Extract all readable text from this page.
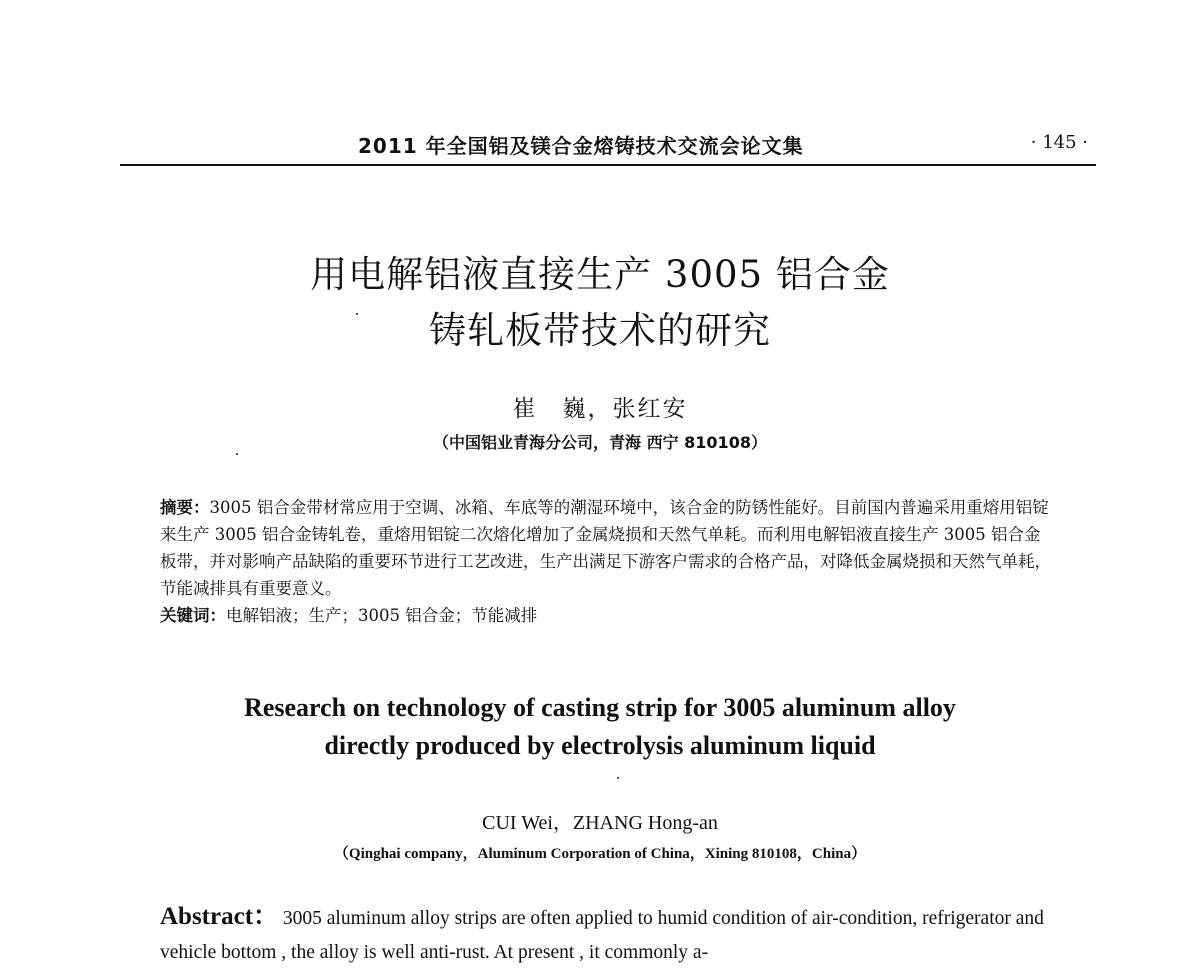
2011 年全国铝及镁合金熔铸技术交流会论文集	· 145 ·
用电解铝液直接生产 3005 铝合金
铸轧板带技术的研究
崔　巍，张红安
（中国铝业青海分公司，青海 西宁 810108）

摘要：3005 铝合金带材常应用于空调、冰箱、车底等的潮湿环境中，该合金的防锈性能好。目前国内普遍采用重熔用铝锭来生产 3005 铝合金铸轧卷，重熔用铝锭二次熔化增加了金属烧损和天然气单耗。而利用电解铝液直接生产 3005 铝合金板带，并对影响产品缺陷的重要环节进行工艺改进，生产出满足下游客户需求的合格产品，对降低金属烧损和天然气单耗，节能减排具有重要意义。

关键词：电解铝液；生产；3005 铝合金；节能减排

Research on technology of casting strip for 3005 aluminum alloy
directly produced by electrolysis aluminum liquid
CUI Wei，ZHANG Hong-an
（Qinghai company，Aluminum Corporation of China，Xining 810108，China）
Abstract： 3005 aluminum alloy strips are often applied to humid condition of air-condition, refrigerator and vehicle bottom , the alloy is well anti-rust. At present , it commonly a-
